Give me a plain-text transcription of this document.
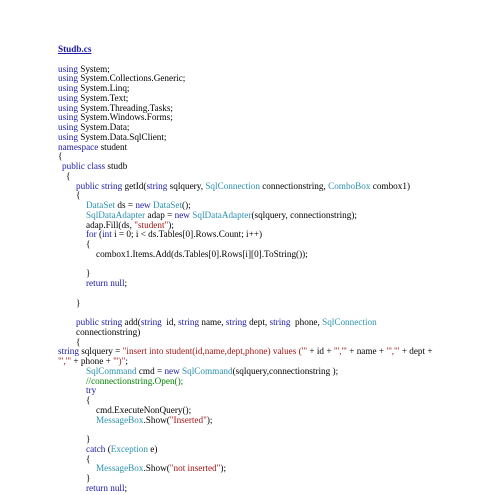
Studb.cs
using System;
using System.Collections.Generic;
using System.Linq;
using System.Text;
using System.Threading.Tasks;
using System.Windows.Forms;
using System.Data;
using System.Data.SqlClient;
namespace student
{
public class studb
{
public string getId(string sqlquery, SqlConnection connectionstring, ComboBox combox1)
{
DataSet ds = new DataSet();
SqlDataAdapter adap = new SqlDataAdapter(sqlquery, connectionstring);
adap.Fill(ds, "student");
for (int i = 0; i < ds.Tables[0].Rows.Count; i++)
{
combox1.Items.Add(ds.Tables[0].Rows[i][0].ToString());
}
return null;
}
public string add(string  id, string name, string dept, string  phone, SqlConnection connectionstring)
{
string sqlquery = "insert into student(id,name,dept,phone) values ('" + id + "','" + name + "','" + dept + "','" + phone + "')";
SqlCommand cmd = new SqlCommand(sqlquery,connectionstring );
//connectionstring.Open();
try
{
cmd.ExecuteNonQuery();
MessageBox.Show("Inserted");
}
catch (Exception e)
{
MessageBox.Show("not inserted");
}
return null;
